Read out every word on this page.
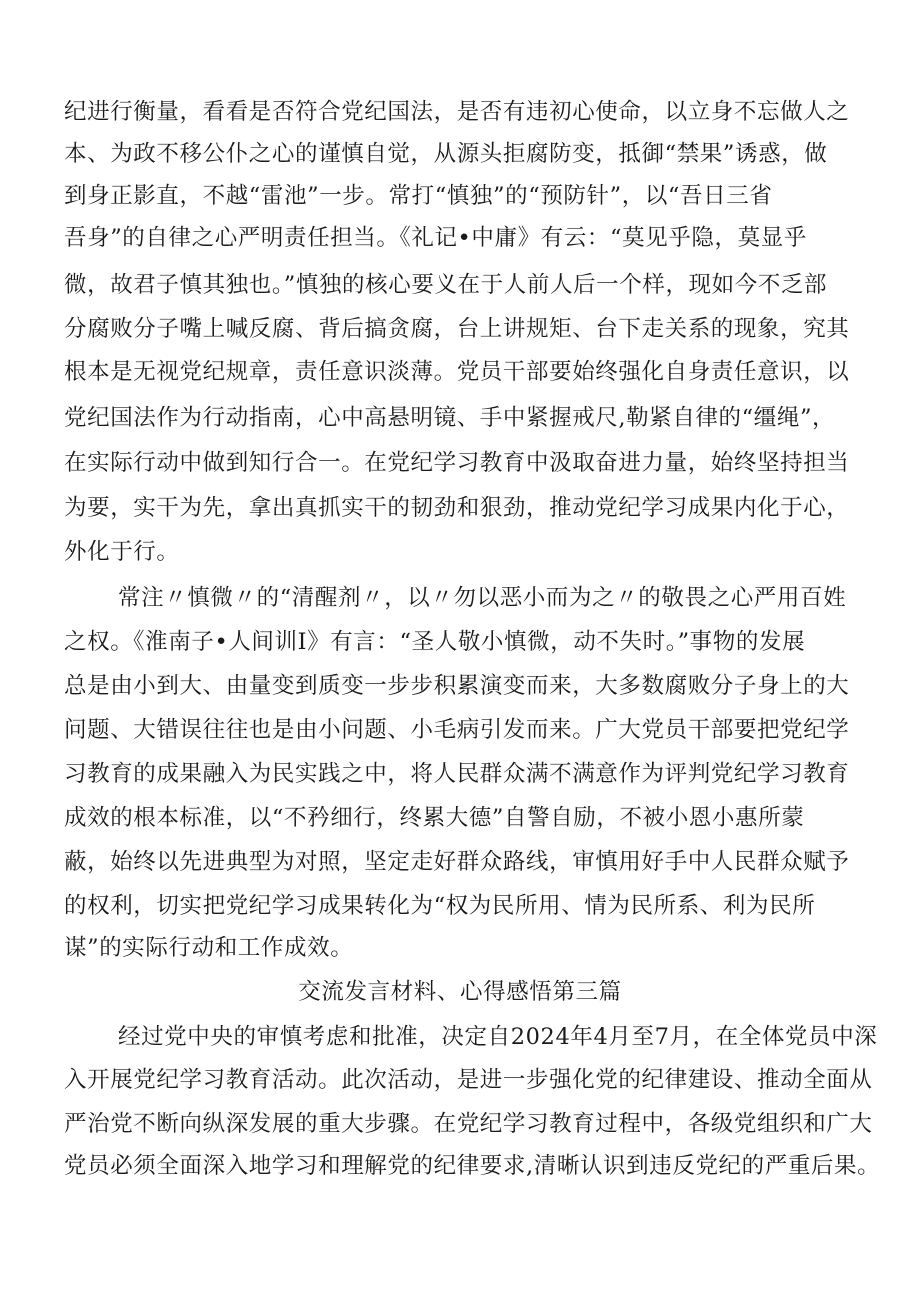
纪进行衡量，看看是否符合党纪国法，是否有违初心使命，以立身不忘做人之
本、为政不移公仆之心的谨慎自觉，从源头拒腐防变，抵御“禁果”诱惑，做
到身正影直，不越“雷池”一步。常打“慎独”的“预防针”，以“吾日三省
吾身”的自律之心严明责任担当。《礼记•中庸》有云：“莫见乎隐，莫显乎
微，故君子慎其独也。”慎独的核心要义在于人前人后一个样，现如今不乏部
分腐败分子嘴上喊反腐、背后搞贪腐，台上讲规矩、台下走关系的现象，究其
根本是无视党纪规章，责任意识淡薄。党员干部要始终强化自身责任意识，以
党纪国法作为行动指南，心中高悬明镜、手中紧握戒尺,勒紧自律的“缰绳”，
在实际行动中做到知行合一。在党纪学习教育中汲取奋进力量，始终坚持担当
为要，实干为先，拿出真抓实干的韧劲和狠劲，推动党纪学习成果内化于心，
外化于行。
常注〃慎微〃的“清醒剂〃，以〃勿以恶小而为之〃的敬畏之心严用百姓
之权。《淮南子•人间训I》有言：“圣人敬小慎微，动不失时。”事物的发展
总是由小到大、由量变到质变一步步积累演变而来，大多数腐败分子身上的大
问题、大错误往往也是由小问题、小毛病引发而来。广大党员干部要把党纪学
习教育的成果融入为民实践之中，将人民群众满不满意作为评判党纪学习教育
成效的根本标准，以“不矜细行，终累大德”自警自励，不被小恩小惠所蒙
蔽，始终以先进典型为对照，坚定走好群众路线，审慎用好手中人民群众赋予
的权利，切实把党纪学习成果转化为“权为民所用、情为民所系、利为民所
谋”的实际行动和工作成效。
交流发言材料、心得感悟第三篇
经过党中央的审慎考虑和批准，决定自2024年4月至7月，在全体党员中深
入开展党纪学习教育活动。此次活动，是进一步强化党的纪律建设、推动全面从
严治党不断向纵深发展的重大步骤。在党纪学习教育过程中，各级党组织和广大
党员必须全面深入地学习和理解党的纪律要求,清晰认识到违反党纪的严重后果。
